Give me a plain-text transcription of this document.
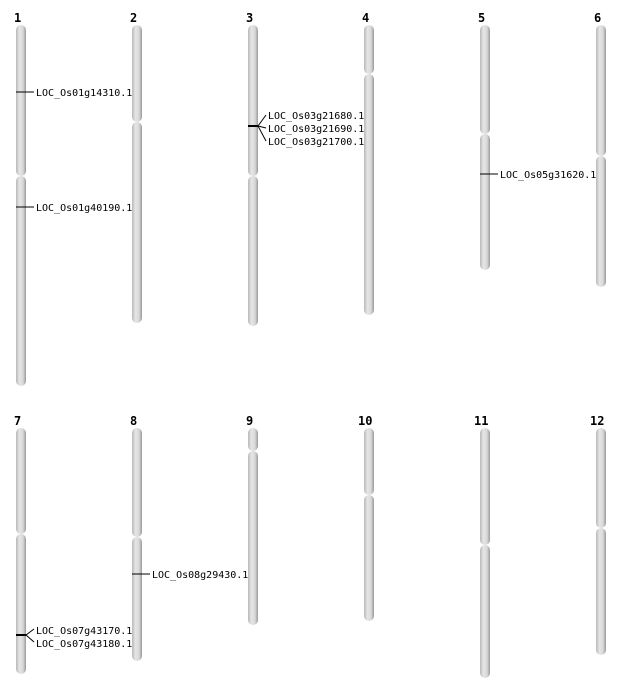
1	2	3	4	5	6
7	8	9	10	11	12
LOC_Os01g14310.1
LOC_Os01g40190.1
LOC_Os03g21680.1
LOC_Os03g21690.1
LOC_Os03g21700.1
LOC_Os05g31620.1
LOC_Os07g43170.1
LOC_Os07g43180.1
LOC_Os08g29430.1
